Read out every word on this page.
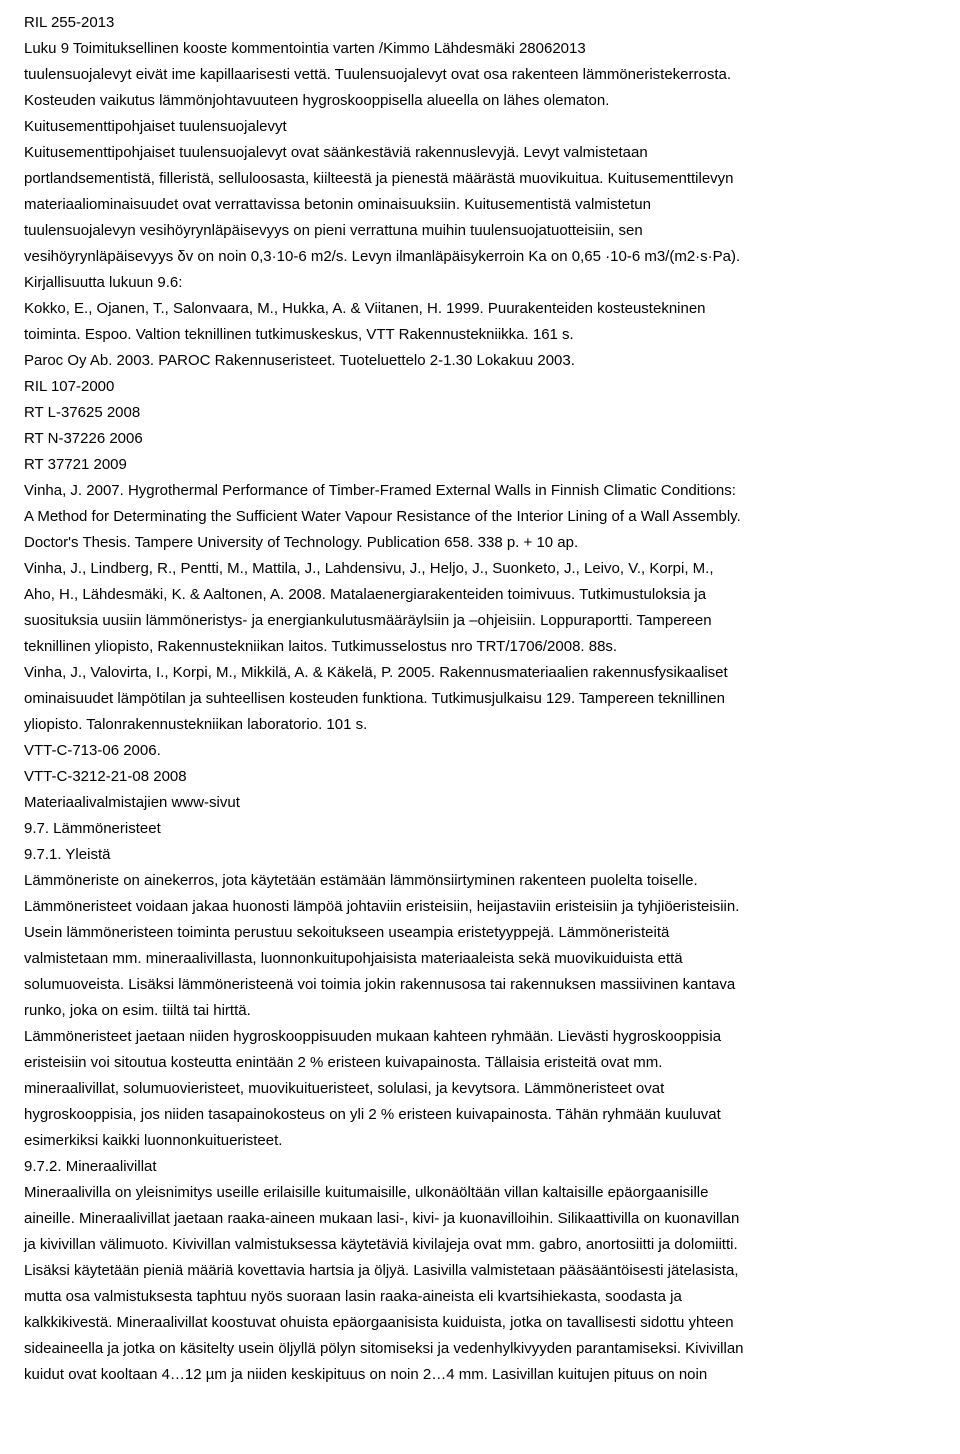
RIL 255-2013
Luku 9 Toimituksellinen kooste kommentointia varten /Kimmo Lähdesmäki 28062013
tuulensuojalevyt eivät ime kapillaarisesti vettä. Tuulensuojalevyt ovat osa rakenteen lämmöneristekerrosta.
Kosteuden vaikutus lämmönjohtavuuteen hygroskooppisella alueella on lähes olematon.
Kuitusementtipohjaiset tuulensuojalevyt
Kuitusementtipohjaiset tuulensuojalevyt ovat säänkestäviä rakennuslevyjä. Levyt valmistetaan
portlandsementistä, filleristä, selluloosasta, kiilteestä ja pienestä määrästä muovikuitua. Kuitusementtilevyn
materiaaliominaisuudet ovat verrattavissa betonin ominaisuuksiin. Kuitusementistä valmistetun
tuulensuojalevyn vesihöyrynläpäisevyys on pieni verrattuna muihin tuulensuojatuotteisiin, sen
vesihöyrynläpäisevyys δv on noin 0,3·10-6 m2/s. Levyn ilmanläpäisykerroin Ka on 0,65 ·10-6 m3/(m2·s·Pa).
Kirjallisuutta lukuun 9.6:
Kokko, E., Ojanen, T., Salonvaara, M., Hukka, A. & Viitanen, H. 1999. Puurakenteiden kosteustekninen
toiminta. Espoo. Valtion teknillinen tutkimuskeskus, VTT Rakennustekniikka. 161 s.
Paroc Oy Ab. 2003. PAROC Rakennuseristeet. Tuoteluettelo 2-1.30 Lokakuu 2003.
RIL 107-2000
RT L-37625 2008
RT N-37226 2006
RT 37721 2009
Vinha, J. 2007. Hygrothermal Performance of Timber-Framed External Walls in Finnish Climatic Conditions:
A Method for Determinating the Sufficient Water Vapour Resistance of the Interior Lining of a Wall Assembly.
Doctor's Thesis. Tampere University of Technology. Publication 658. 338 p. + 10 ap.
Vinha, J., Lindberg, R., Pentti, M., Mattila, J., Lahdensivu, J., Heljo, J., Suonketo, J., Leivo, V., Korpi, M.,
Aho, H., Lähdesmäki, K. & Aaltonen, A. 2008. Matalaenergiarakenteiden toimivuus. Tutkimustuloksia ja
suosituksia uusiin lämmöneristys- ja energiankulutusmääräylsiin ja –ohjeisiin. Loppuraportti. Tampereen
teknillinen yliopisto, Rakennustekniikan laitos. Tutkimusselostus nro TRT/1706/2008. 88s.
Vinha, J., Valovirta, I., Korpi, M., Mikkilä, A. & Käkelä, P. 2005. Rakennusmateriaalien rakennusfysikaaliset
ominaisuudet lämpötilan ja suhteellisen kosteuden funktiona. Tutkimusjulkaisu 129. Tampereen teknillinen
yliopisto. Talonrakennustekniikan laboratorio. 101 s.
VTT-C-713-06 2006.
VTT-C-3212-21-08 2008
Materiaalivalmistajien www-sivut
9.7. Lämmöneristeet
9.7.1. Yleistä
Lämmöneriste on ainekerros, jota käytetään estämään lämmönsiirtyminen rakenteen puolelta toiselle.
Lämmöneristeet voidaan jakaa huonosti lämpöä johtaviin eristeisiin, heijastaviin eristeisiin ja tyhjiöeristeisiin.
Usein lämmöneristeen toiminta perustuu sekoitukseen useampia eristetyyppejä. Lämmöneristeitä
valmistetaan mm. mineraalivillasta, luonnonkuitupohjaisista materiaaleista sekä muovikuiduista että
solumuoveista. Lisäksi lämmöneristeenä voi toimia jokin rakennusosa tai rakennuksen massiivinen kantava
runko, joka on esim. tiiltä tai hirttä.
Lämmöneristeet jaetaan niiden hygroskooppisuuden mukaan kahteen ryhmään. Lievästi hygroskooppisia
eristeisiin voi sitoutua kosteutta enintään 2 % eristeen kuivapainosta. Tällaisia eristeitä ovat mm.
mineraalivillat, solumuovieristeet, muovikuitueristeet, solulasi, ja kevytsora. Lämmöneristeet ovat
hygroskooppisia, jos niiden tasapainokosteus on yli 2 % eristeen kuivapainosta. Tähän ryhmään kuuluvat
esimerkiksi kaikki luonnonkuitueristeet.
9.7.2. Mineraalivillat
Mineraalivilla on yleisnimitys useille erilaisille kuitumaisille, ulkonäöltään villan kaltaisille epäorgaanisille
aineille. Mineraalivillat jaetaan raaka-aineen mukaan lasi-, kivi- ja kuonavilloihin. Silikaattivilla on kuonavillan
ja kivivillan välimuoto. Kivivillan valmistuksessa käytetäviä kivilajeja ovat mm. gabro, anortosiitti ja dolomiitti.
Lisäksi käytetään pieniä määriä kovettavia hartsia ja öljyä. Lasivilla valmistetaan pääsääntöisesti jätelasista,
mutta osa valmistuksesta taphtuu nyös suoraan lasin raaka-aineista eli kvartsihiekasta, soodasta ja
kalkkikivestä. Mineraalivillat koostuvat ohuista epäorgaanisista kuiduista, jotka on tavallisesti sidottu yhteen
sideaineella ja jotka on käsitelty usein öljyllä pölyn sitomiseksi ja vedenhylkivyyden parantamiseksi. Kivivillan
kuidut ovat kooltaan 4…12 µm ja niiden keskipituus on noin 2…4 mm. Lasivillan kuitujen pituus on noin
